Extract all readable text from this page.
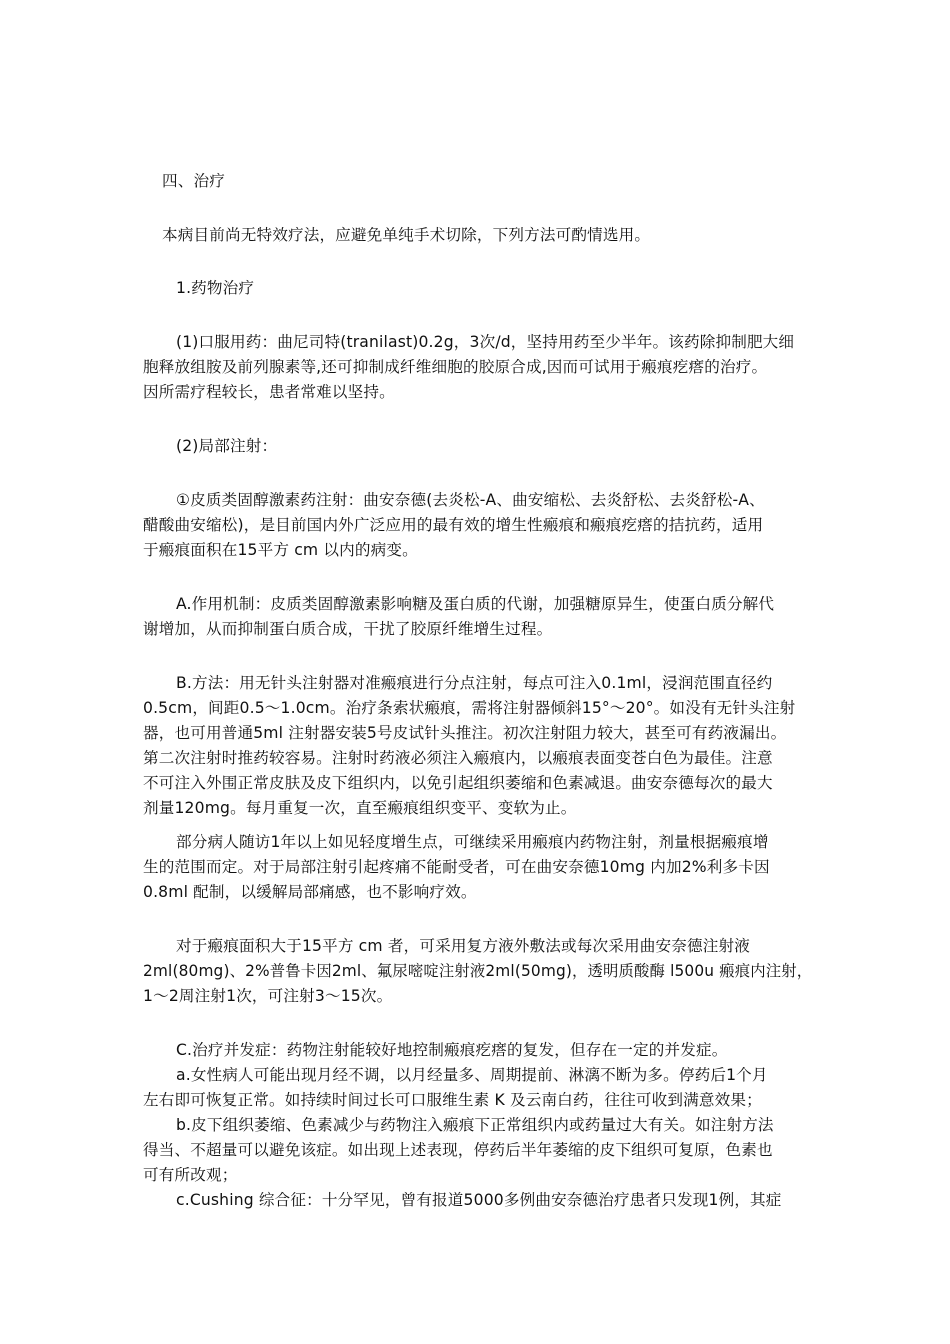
四、治疗
本病目前尚无特效疗法，应避免单纯手术切除，下列方法可酌情选用。
1.药物治疗
(1)口服用药：曲尼司特(tranilast)0.2g，3次/d，坚持用药至少半年。该药除抑制肥大细
胞释放组胺及前列腺素等,还可抑制成纤维细胞的胶原合成,因而可试用于瘢痕疙瘩的治疗。
因所需疗程较长，患者常难以坚持。
(2)局部注射：
①皮质类固醇激素药注射：曲安奈德(去炎松-A、曲安缩松、去炎舒松、去炎舒松-A、
醋酸曲安缩松)，是目前国内外广泛应用的最有效的增生性瘢痕和瘢痕疙瘩的拮抗药，适用
于瘢痕面积在15平方 cm 以内的病变。
A.作用机制：皮质类固醇激素影响糖及蛋白质的代谢，加强糖原异生，使蛋白质分解代
谢增加，从而抑制蛋白质合成，干扰了胶原纤维增生过程。
B.方法：用无针头注射器对准瘢痕进行分点注射，每点可注入0.1ml，浸润范围直径约
0.5cm，间距0.5～1.0cm。治疗条索状瘢痕，需将注射器倾斜15°～20°。如没有无针头注射
器，也可用普通5ml 注射器安装5号皮试针头推注。初次注射阻力较大，甚至可有药液漏出。
第二次注射时推药较容易。注射时药液必须注入瘢痕内，以瘢痕表面变苍白色为最佳。注意
不可注入外围正常皮肤及皮下组织内，以免引起组织萎缩和色素减退。曲安奈德每次的最大
剂量120mg。每月重复一次，直至瘢痕组织变平、变软为止。
部分病人随访1年以上如见轻度增生点，可继续采用瘢痕内药物注射，剂量根据瘢痕增
生的范围而定。对于局部注射引起疼痛不能耐受者，可在曲安奈德10mg 内加2%利多卡因
0.8ml 配制，以缓解局部痛感，也不影响疗效。
对于瘢痕面积大于15平方 cm 者，可采用复方液外敷法或每次采用曲安奈德注射液
2ml(80mg)、2%普鲁卡因2ml、氟尿嘧啶注射液2ml(50mg)，透明质酸酶 l500u 瘢痕内注射，
1～2周注射1次，可注射3～15次。
C.治疗并发症：药物注射能较好地控制瘢痕疙瘩的复发，但存在一定的并发症。
a.女性病人可能出现月经不调，以月经量多、周期提前、淋漓不断为多。停药后1个月
左右即可恢复正常。如持续时间过长可口服维生素 K 及云南白药，往往可收到满意效果；
b.皮下组织萎缩、色素减少与药物注入瘢痕下正常组织内或药量过大有关。如注射方法
得当、不超量可以避免该症。如出现上述表现，停药后半年萎缩的皮下组织可复原，色素也
可有所改观；
c.Cushing 综合征：十分罕见，曾有报道5000多例曲安奈德治疗患者只发现1例，其症
